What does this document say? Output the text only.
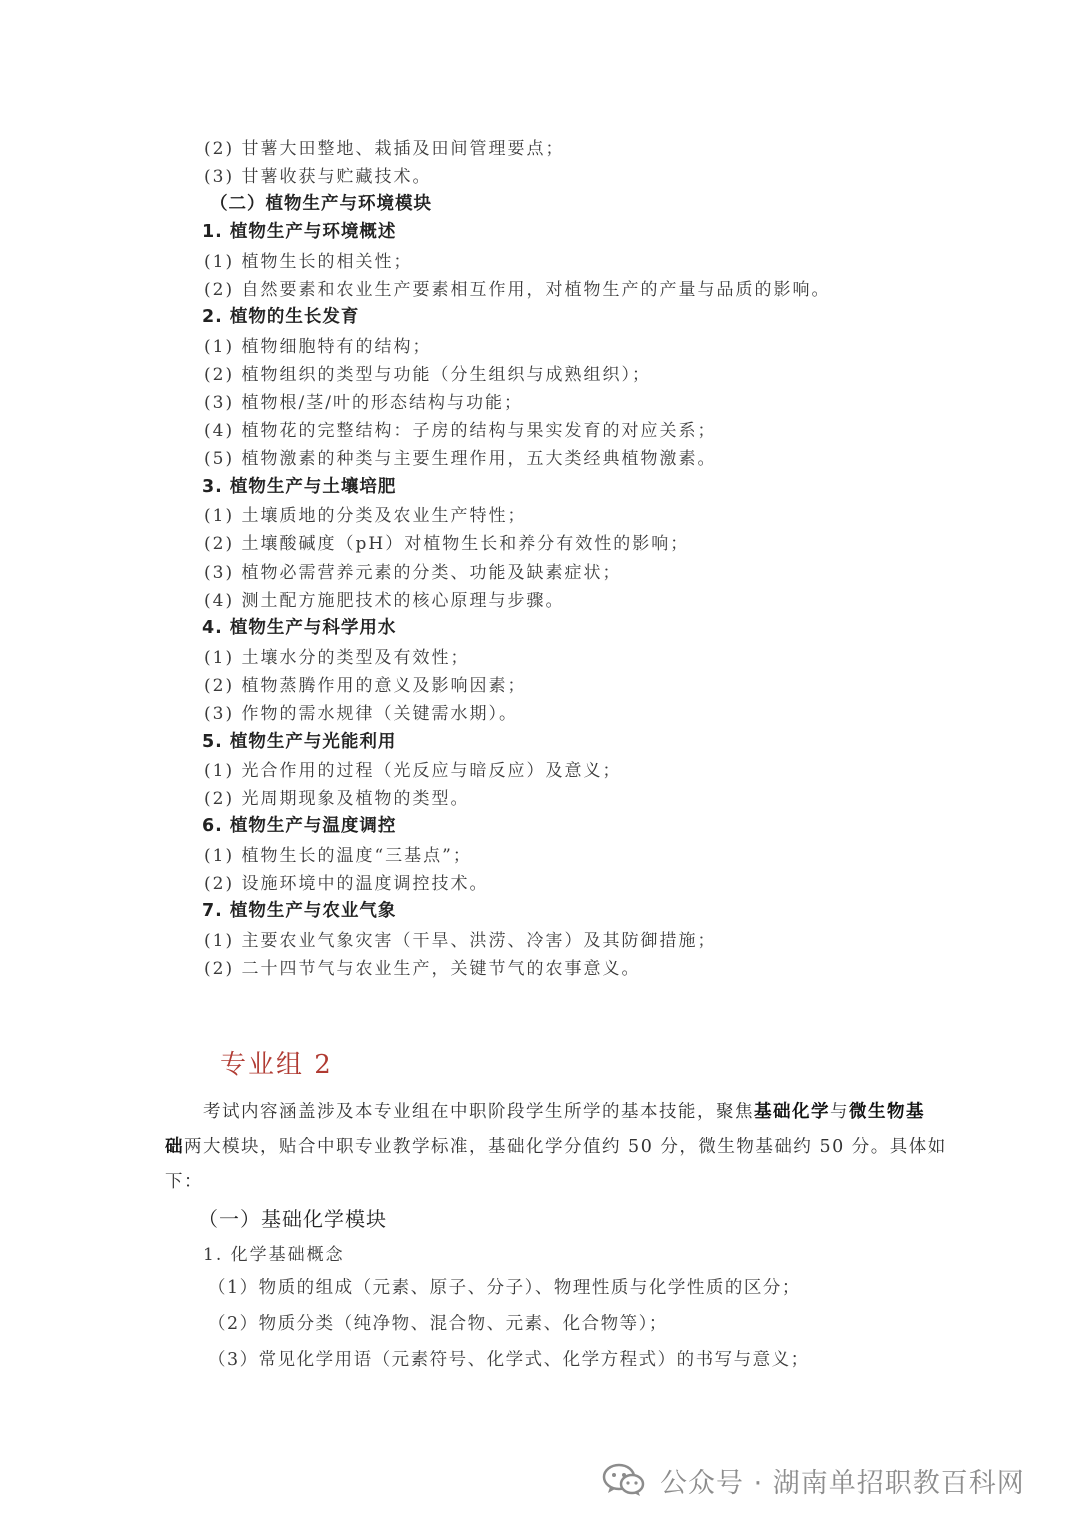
(2) 甘薯大田整地、栽插及田间管理要点；
(3) 甘薯收获与贮藏技术。
（二）植物生产与环境模块
1. 植物生产与环境概述
(1) 植物生长的相关性；
(2) 自然要素和农业生产要素相互作用，对植物生产的产量与品质的影响。
2. 植物的生长发育
(1) 植物细胞特有的结构；
(2) 植物组织的类型与功能（分生组织与成熟组织）；
(3) 植物根/茎/叶的形态结构与功能；
(4) 植物花的完整结构：子房的结构与果实发育的对应关系；
(5) 植物激素的种类与主要生理作用，五大类经典植物激素。
3. 植物生产与土壤培肥
(1) 土壤质地的分类及农业生产特性；
(2) 土壤酸碱度（pH）对植物生长和养分有效性的影响；
(3) 植物必需营养元素的分类、功能及缺素症状；
(4) 测土配方施肥技术的核心原理与步骤。
4. 植物生产与科学用水
(1) 土壤水分的类型及有效性；
(2) 植物蒸腾作用的意义及影响因素；
(3) 作物的需水规律（关键需水期）。
5. 植物生产与光能利用
(1) 光合作用的过程（光反应与暗反应）及意义；
(2) 光周期现象及植物的类型。
6. 植物生产与温度调控
(1) 植物生长的温度“三基点”；
(2) 设施环境中的温度调控技术。
7. 植物生产与农业气象
(1) 主要农业气象灾害（干旱、洪涝、冷害）及其防御措施；
(2) 二十四节气与农业生产，关键节气的农事意义。
专业组 2
考试内容涵盖涉及本专业组在中职阶段学生所学的基本技能，聚焦基础化学与微生物基
础两大模块，贴合中职专业教学标准，基础化学分值约 50 分，微生物基础约 50 分。具体如
下：
（一）基础化学模块
1. 化学基础概念
（1）物质的组成（元素、原子、分子）、物理性质与化学性质的区分；
（2）物质分类（纯净物、混合物、元素、化合物等）；
（3）常见化学用语（元素符号、化学式、化学方程式）的书写与意义；
公众号 · 湖南单招职教百科网
